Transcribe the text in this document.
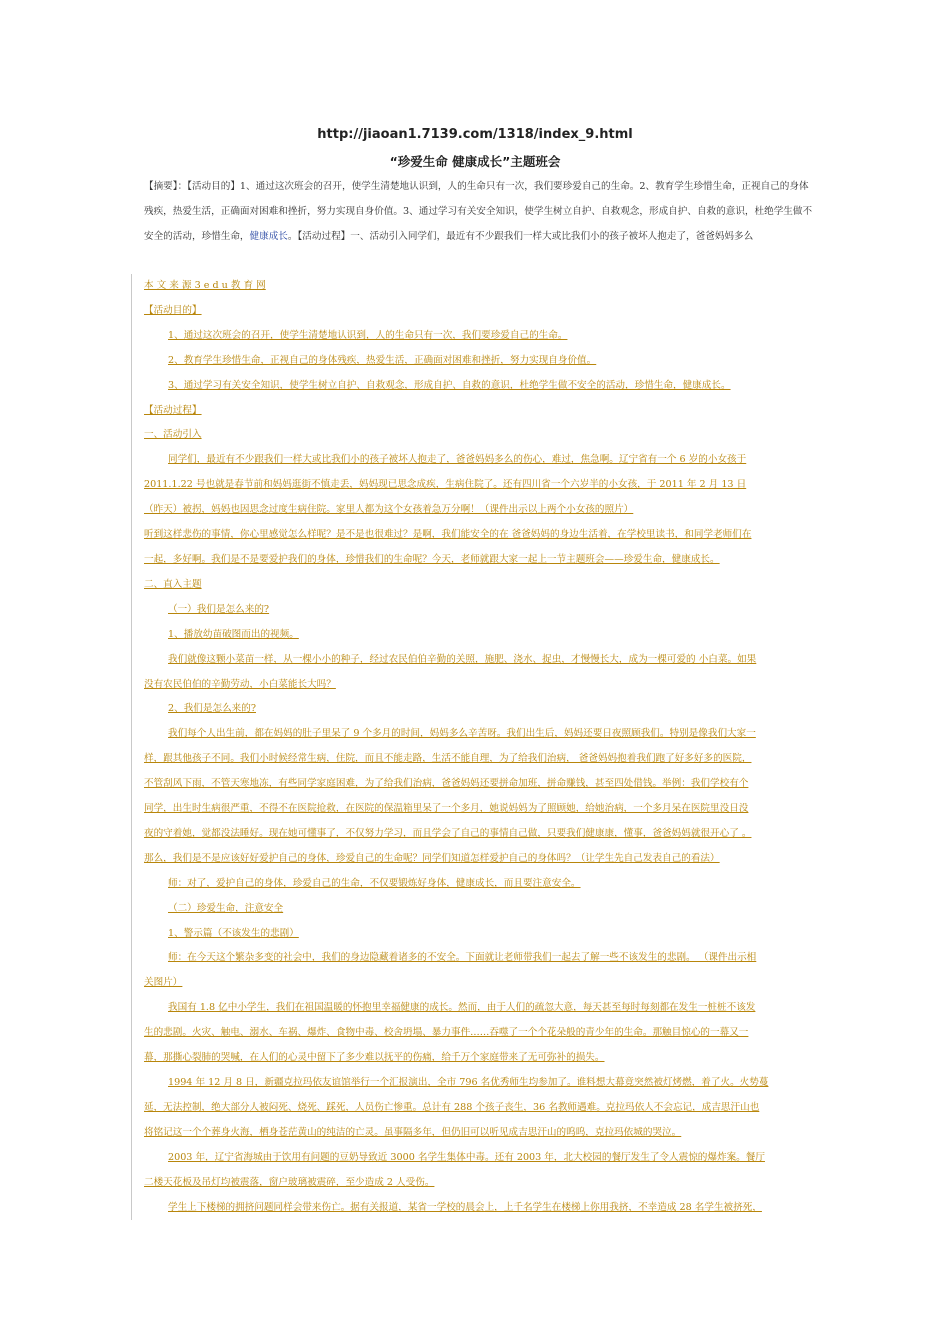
http://jiaoan1.7139.com/1318/index_9.html
“珍爱生命 健康成长”主题班会

【摘要】：【活动目的】1、通过这次班会的召开，使学生清楚地认识到，人的生命只有一次，我们要珍爱自己的生命。2、教育学生珍惜生命，正视自己的身体残疾，热爱生活，正确面对困难和挫折，努力实现自身价值。3、通过学习有关安全知识，使学生树立自护、自救观念，形成自护、自救的意识，杜绝学生做不安全的活动，珍惜生命，健康成长。【活动过程】一、活动引入同学们，最近有不少跟我们一样大或比我们小的孩子被坏人抱走了，爸爸妈妈多么

本 文 来 源 3 e d u 教 育 网

【活动目的】

1、通过这次班会的召开，使学生清楚地认识到，人的生命只有一次，我们要珍爱自己的生命。

2、教育学生珍惜生命，正视自己的身体残疾，热爱生活，正确面对困难和挫折，努力实现自身价值。

3、通过学习有关安全知识，使学生树立自护、自救观念，形成自护、自救的意识，杜绝学生做不安全的活动，珍惜生命，健康成长。

【活动过程】

一、活动引入

同学们，最近有不少跟我们一样大或比我们小的孩子被坏人抱走了，爸爸妈妈多么的伤心，难过，焦急啊。辽宁省有一个 6 岁的小女孩于

2011.1.22 号也就是春节前和妈妈逛街不慎走丢，妈妈现已思念成疾，生病住院了。还有四川省一个六岁半的小女孩，于 2011 年 2 月 13 日

（昨天）被拐，妈妈也因思念过度生病住院。家里人都为这个女孩着急万分啊！（课件出示以上两个小女孩的照片）

听到这样悲伤的事情，你心里感觉怎么样呢？是不是也很难过？是啊，我们能安全的在 爸爸妈妈的身边生活着，在学校里读书，和同学老师们在

一起，多好啊。我们是不是要爱护我们的身体，珍惜我们的生命呢？今天，老师就跟大家一起上一节主题班会——珍爱生命，健康成长。

二、直入主题

（一）我们是怎么来的?

1、播放幼苗破图而出的视频。

我们就像这颗小菜苗一样，从一棵小小的种子，经过农民伯伯辛勤的关照，施肥、浇水、捉虫，才慢慢长大，成为一棵可爱的 小白菜。如果

没有农民伯伯的辛勤劳动，小白菜能长大吗？

2、我们是怎么来的?

我们每个人出生前，都在妈妈的肚子里呆了 9 个多月的时间，妈妈多么辛苦呀。我们出生后，妈妈还要日夜照顾我们。特别是像我们大家一

样，跟其他孩子不同。我们小时候经常生病，住院，而且不能走路，生活不能自理，为了给我们治病， 爸爸妈妈抱着我们跑了好多好多的医院，

不管刮风下雨，不管天寒地冻，有些同学家庭困难，为了给我们治病，爸爸妈妈还要拼命加班，拼命赚钱，甚至四处借钱。举例：我们学校有个

同学，出生时生病很严重，不得不在医院抢救，在医院的保温箱里呆了一个多月，她说妈妈为了照顾她，给她治病，一个多月呆在医院里没日没

夜的守着她，觉都没法睡好。现在她可懂事了，不仅努力学习，而且学会了自己的事情自己做，只要我们健康康，懂事，爸爸妈妈就很开心了 。

那么，我们是不是应该好好爱护自己的身体，珍爱自己的生命呢？同学们知道怎样爱护自己的身体吗？（让学生先自己发表自己的看法）

师：对了，爱护自己的身体，珍爱自己的生命，不仅要锻炼好身体，健康成长，而且要注意安全。

（二）珍爱生命，注意安全

1、警示篇（不该发生的悲剧）

师：在今天这个繁杂多变的社会中，我们的身边隐藏着诸多的不安全。下面就让老师带我们一起去了解一些不该发生的悲剧。 （课件出示相

关图片）

我国有 1.8 亿中小学生，我们在祖国温暖的怀抱里幸福健康的成长。然而，由于人们的疏忽大意，每天甚至每时每刻都在发生一桩桩不该发

生的悲剧。火灾、触电、溺水、车祸、爆炸、食物中毒、校舍坍塌、暴力事件……吞噬了一个个花朵般的青少年的生命。那触目惊心的一幕又一

幕，那撕心裂肺的哭喊，在人们的心灵中留下了多少难以抚平的伤痛，给千万个家庭带来了无可弥补的损失。

1994 年 12 月 8 日，新疆克拉玛依友谊馆举行一个汇报演出，全市 796 名优秀师生均参加了。谁料想大幕竟突然被灯烤燃，着了火。火势蔓

延，无法控制，绝大部分人被闷死、烧死、踩死，人员伤亡惨重。总计有 288 个孩子丧生，36 名教师遇难。克拉玛依人不会忘记，成吉思汗山也

将铭记这一个个葬身火海，栖身苍茫黄山的纯洁的亡灵。虽事隔多年，但仍旧可以听见成吉思汗山的呜呜，克拉玛依城的哭泣。

2003 年，辽宁省海城由于饮用有问题的豆奶导致近 3000 名学生集体中毒。还有 2003 年，北大校园的餐厅发生了令人震惊的爆炸案。餐厅

二楼天花板及吊灯均被震落，窗户玻璃被震碎，至少造成 2 人受伤。

学生上下楼梯的拥挤问题同样会带来伤亡。据有关报道，某省一学校的晨会上，上千名学生在楼梯上你用我挤，不幸造成 28 名学生被挤死，
